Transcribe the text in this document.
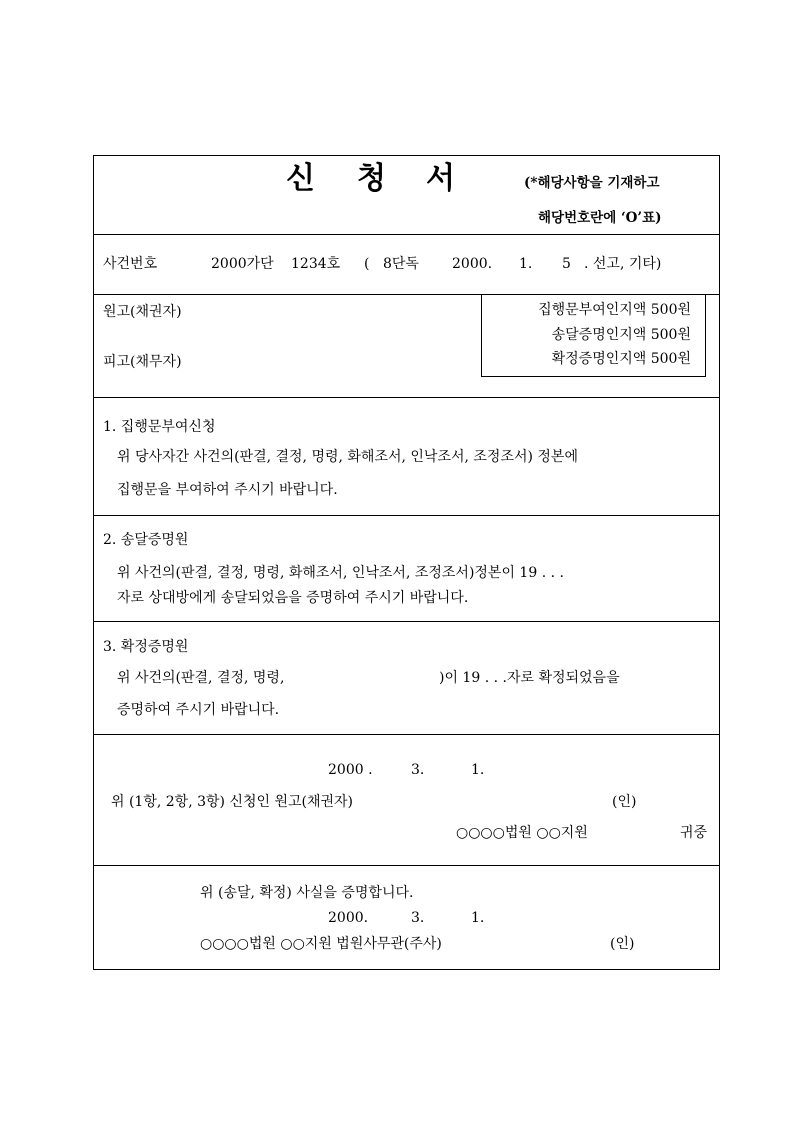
신 청 서	(*해당사항을 기재하고
해당번호란에 ‘O’표)
사건번호	2000가단 1234호 ( 8단독 2000. 1. 5 . 선고, 기타)
원고(채권자)
피고(채무자)
집행문부여인지액 500원
송달증명인지액 500원
확정증명인지액 500원
1. 집행문부여신청
위 당사자간 사건의(판결, 결정, 명령, 화해조서, 인낙조서, 조정조서) 정본에
집행문을 부여하여 주시기 바랍니다.
2. 송달증명원
위 사건의(판결, 결정, 명령, 화해조서, 인낙조서, 조정조서)정본이 19 . . .
자로 상대방에게 송달되었음을 증명하여 주시기 바랍니다.
3. 확정증명원
위 사건의(판결, 결정, 명령,	)이 19 . . .자로 확정되었음을
증명하여 주시기 바랍니다.
2000 .	3.	1.
위 (1항, 2항, 3항) 신청인 원고(채권자)	(인)
○○○○법원 ○○지원	귀중
위 (송달, 확정) 사실을 증명합니다.
2000.	3.	1.
○○○○법원 ○○지원 법원사무관(주사)	(인)
